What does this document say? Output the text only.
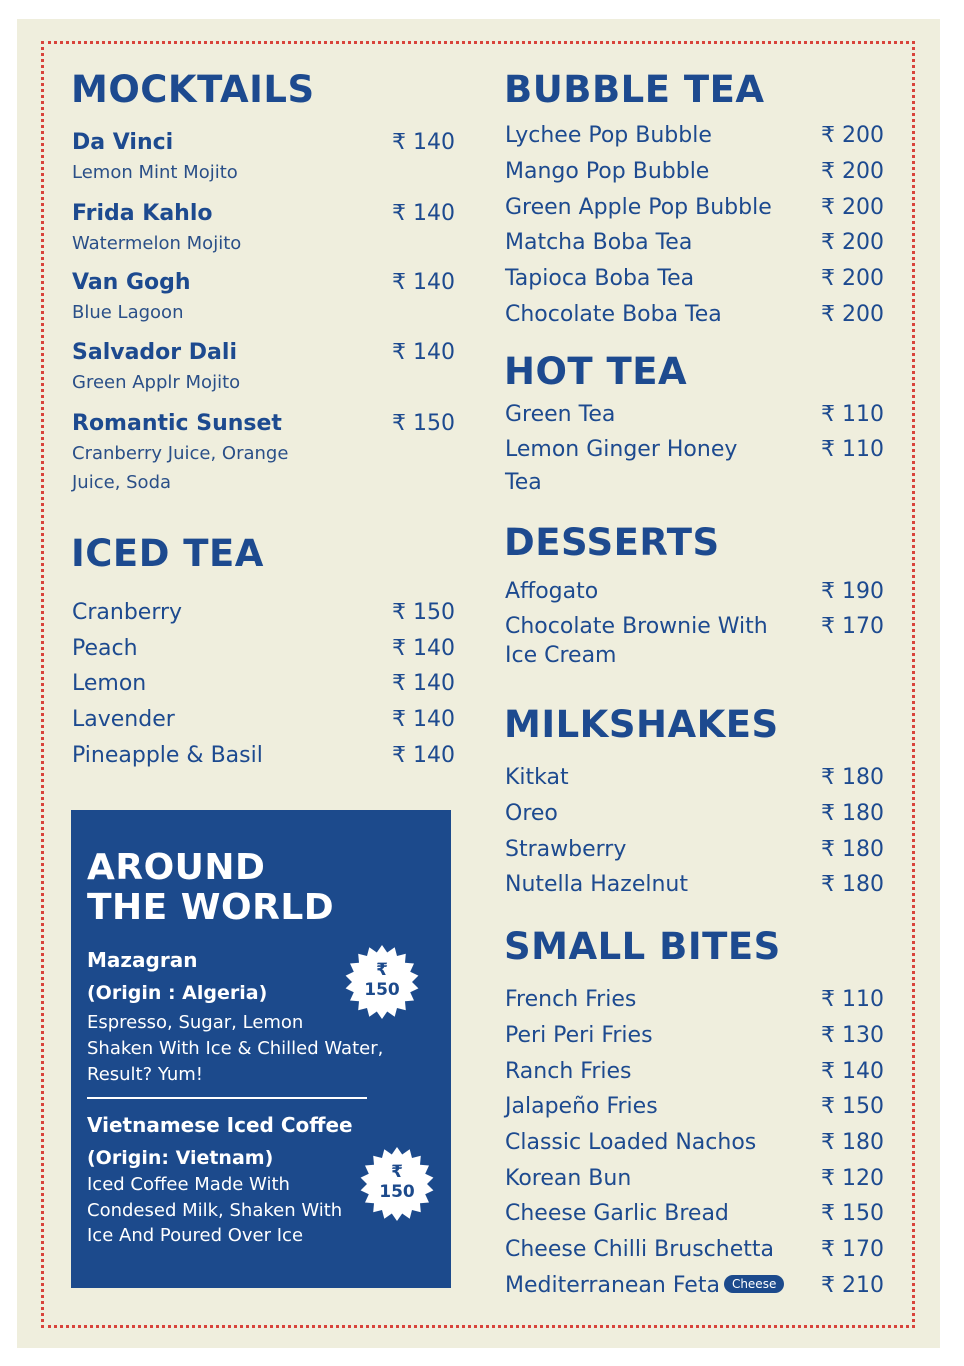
MOCKTAILS
Da Vinci	₹ 140
Lemon Mint Mojito
Frida Kahlo	₹ 140
Watermelon Mojito
Van Gogh	₹ 140
Blue Lagoon
Salvador Dali	₹ 140
Green Applr Mojito
Romantic Sunset	₹ 150
Cranberry Juice, Orange
Juice, Soda
ICED TEA
Cranberry	₹ 150
Peach	₹ 140
Lemon	₹ 140
Lavender	₹ 140
Pineapple & Basil	₹ 140
AROUND
THE WORLD
Mazagran
(Origin : Algeria)
Espresso, Sugar, Lemon
Shaken With Ice & Chilled Water,
Result? Yum!
₹
150
Vietnamese Iced Coffee
(Origin: Vietnam)
Iced Coffee Made With
Condesed Milk, Shaken With
Ice And Poured Over Ice
₹
150
BUBBLE TEA
Lychee Pop Bubble	₹ 200
Mango Pop Bubble	₹ 200
Green Apple Pop Bubble ₹ 200
Matcha Boba Tea	₹ 200
Tapioca Boba Tea	₹ 200
Chocolate Boba Tea	₹ 200
HOT TEA
Green Tea	₹ 110
Lemon Ginger Honey
Tea
₹ 110
DESSERTS
Affogato	₹ 190
Chocolate Brownie With
Ice Cream
₹ 170
MILKSHAKES
Kitkat	₹ 180
Oreo	₹ 180
Strawberry	₹ 180
Nutella Hazelnut	₹ 180
SMALL BITES
French Fries	₹ 110
Peri Peri Fries	₹ 130
Ranch Fries	₹ 140
Jalapeño Fries	₹ 150
Classic Loaded Nachos	₹ 180
Korean Bun	₹ 120
Cheese Garlic Bread	₹ 150
Cheese Chilli Bruschetta ₹ 170
Mediterranean Feta Cheese	₹ 210
